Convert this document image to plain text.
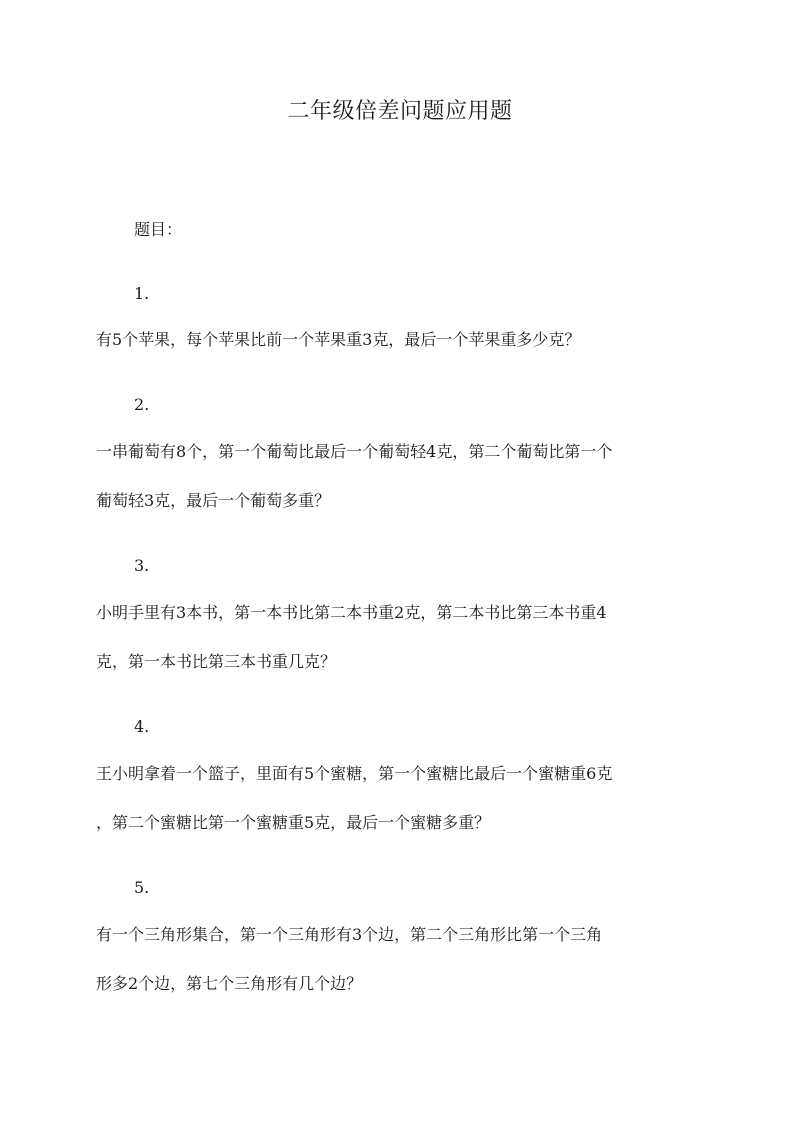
二年级倍差问题应用题
题目：
1.
有5个苹果，每个苹果比前一个苹果重3克，最后一个苹果重多少克？
2.
一串葡萄有8个，第一个葡萄比最后一个葡萄轻4克，第二个葡萄比第一个
葡萄轻3克，最后一个葡萄多重？
3.
小明手里有3本书，第一本书比第二本书重2克，第二本书比第三本书重4
克，第一本书比第三本书重几克？
4.
王小明拿着一个篮子，里面有5个蜜糖，第一个蜜糖比最后一个蜜糖重6克
，第二个蜜糖比第一个蜜糖重5克，最后一个蜜糖多重？
5.
有一个三角形集合，第一个三角形有3个边，第二个三角形比第一个三角
形多2个边，第七个三角形有几个边？
